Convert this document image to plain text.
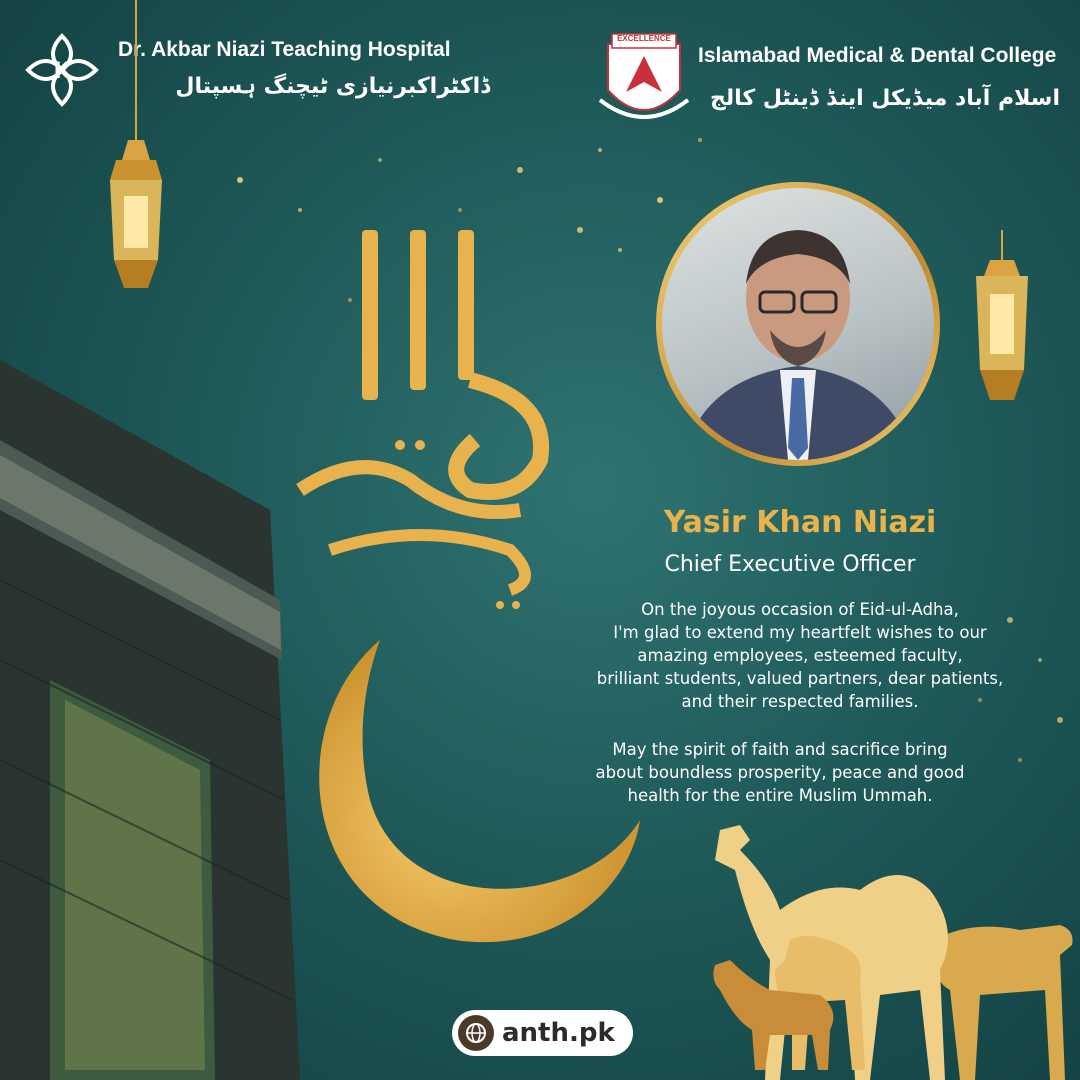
K
Dr. Akbar Niazi Teaching Hospital
ڈاکٹراکبرنیازی ٹیچنگ ہسپتال
EXCELLENCE
Islamabad Medical & Dental College
اسلام آباد میڈیکل اینڈ ڈینٹل کالج
Yasir Khan Niazi
Chief Executive Officer
On the joyous occasion of Eid-ul-Adha,
I'm glad to extend my heartfelt wishes to our
amazing employees, esteemed faculty,
brilliant students, valued partners, dear patients,
and their respected families.
May the spirit of faith and sacrifice bring
about boundless prosperity, peace and good
health for the entire Muslim Ummah.
anth.pk
